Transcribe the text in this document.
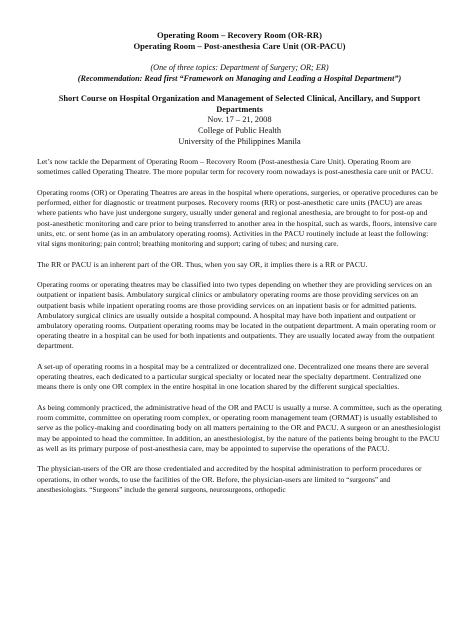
Operating Room – Recovery Room (OR-RR)
Operating Room – Post-anesthesia Care Unit (OR-PACU)
(One of three topics: Department of Surgery; OR; ER)
(Recommendation: Read first “Framework on Managing and Leading a Hospital Department”)
Short Course on Hospital Organization and Management of Selected Clinical, Ancillary, and Support Departments
Nov. 17 – 21, 2008
College of Public Health
University of the Philippines Manila

Let’s now tackle the Deparment of Operating Room – Recovery Room (Post-anesthesia Care Unit). Operating Room are sometimes called Operating Theatre. The more popular term for recovery room nowadays is post-anesthesia care unit or PACU.

Operating rooms (OR) or Operating Theatres are areas in the hospital where operations, surgeries, or operative procedures can be performed, either for diagnostic or treatment purposes. Recovery rooms (RR) or post-anesthetic care units (PACU) are areas where patients who have just undergone surgery, usually under general and regional anesthesia, are brought to for post-op and post-anesthetic monitoring and care prior to being transferred to another area in the hospital, such as wards, floors, intensive care units, etc. or sent home (as in an ambulatory operating rooms). Activities in the PACU routinely include at least the following: vital signs monitoring; pain control; breathing monitoring and support; caring of tubes; and nursing care.

The RR or PACU is an inherent part of the OR. Thus, when you say OR, it implies there is a RR or PACU.

Operating rooms or operating theatres may be classified into two types depending on whether they are providing services on an outpatient or inpatient basis. Ambulatory surgical clinics or ambulatory operating rooms are those providing services on an outpatient basis while inpatient operating rooms are those providing services on an inpatient basis or for admitted patients. Ambulatory surgical clinics are usually outside a hospital compound. A hospital may have both inpatient and outpatient or ambulatory operating rooms. Outpatient operating rooms may be located in the outpatient department. A main operating room or operating theatre in a hospital can be used for both inpatients and outpatients. They are usually located away from the outpatient department.

A set-up of operating rooms in a hospital may be a centralized or decentralized one. Decentralized one means there are several operating theatres, each dedicated to a particular surgical specialty or located near the specialty department. Centralized one means there is only one OR complex in the entire hospital in one location shared by the different surgical specialties.

As being commonly practiced, the administrative head of the OR and PACU is usually a nurse. A committee, such as the operating room committe, committee on operating room complex, or operating room management team (ORMAT) is usually established to serve as the policy-making and coordinating body on all matters pertaining to the OR and PACU. A surgeon or an anesthesiologist may be appointed to head the committee. In addition, an anesthesiologist, by the nature of the patients being brought to the PACU as well as its primary purpose of post-anesthesia care, may be appointed to supervise the operations of the PACU.

The physician-users of the OR are those credentialed and accredited by the hospital administration to perform procedures or operations, in other words, to use the facilities of the OR. Before, the physician-users are limited to “surgeons” and anesthesiologists. “Surgeons” include the general surgeons, neurosurgeons, orthopedic
